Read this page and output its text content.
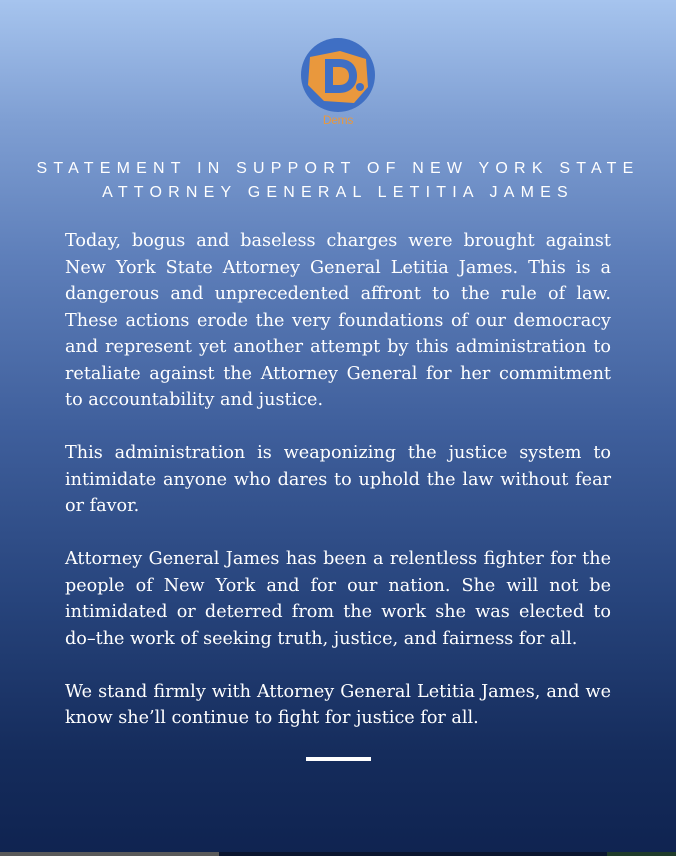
Dems
STATEMENT IN SUPPORT OF NEW YORK STATE
ATTORNEY GENERAL LETITIA JAMES

Today, bogus and baseless charges were brought against New York State Attorney General Letitia James. This is a dangerous and unprecedented affront to the rule of law. These actions erode the very foundations of our democracy and represent yet another attempt by this administration to retaliate against the Attorney General for her commitment to accountability and justice.

This administration is weaponizing the justice system to intimidate anyone who dares to uphold the law without fear or favor.

Attorney General James has been a relentless fighter for the people of New York and for our nation. She will not be intimidated or deterred from the work she was elected to do–the work of seeking truth, justice, and fairness for all.

We stand firmly with Attorney General Letitia James, and we know she’ll continue to fight for justice for all.
